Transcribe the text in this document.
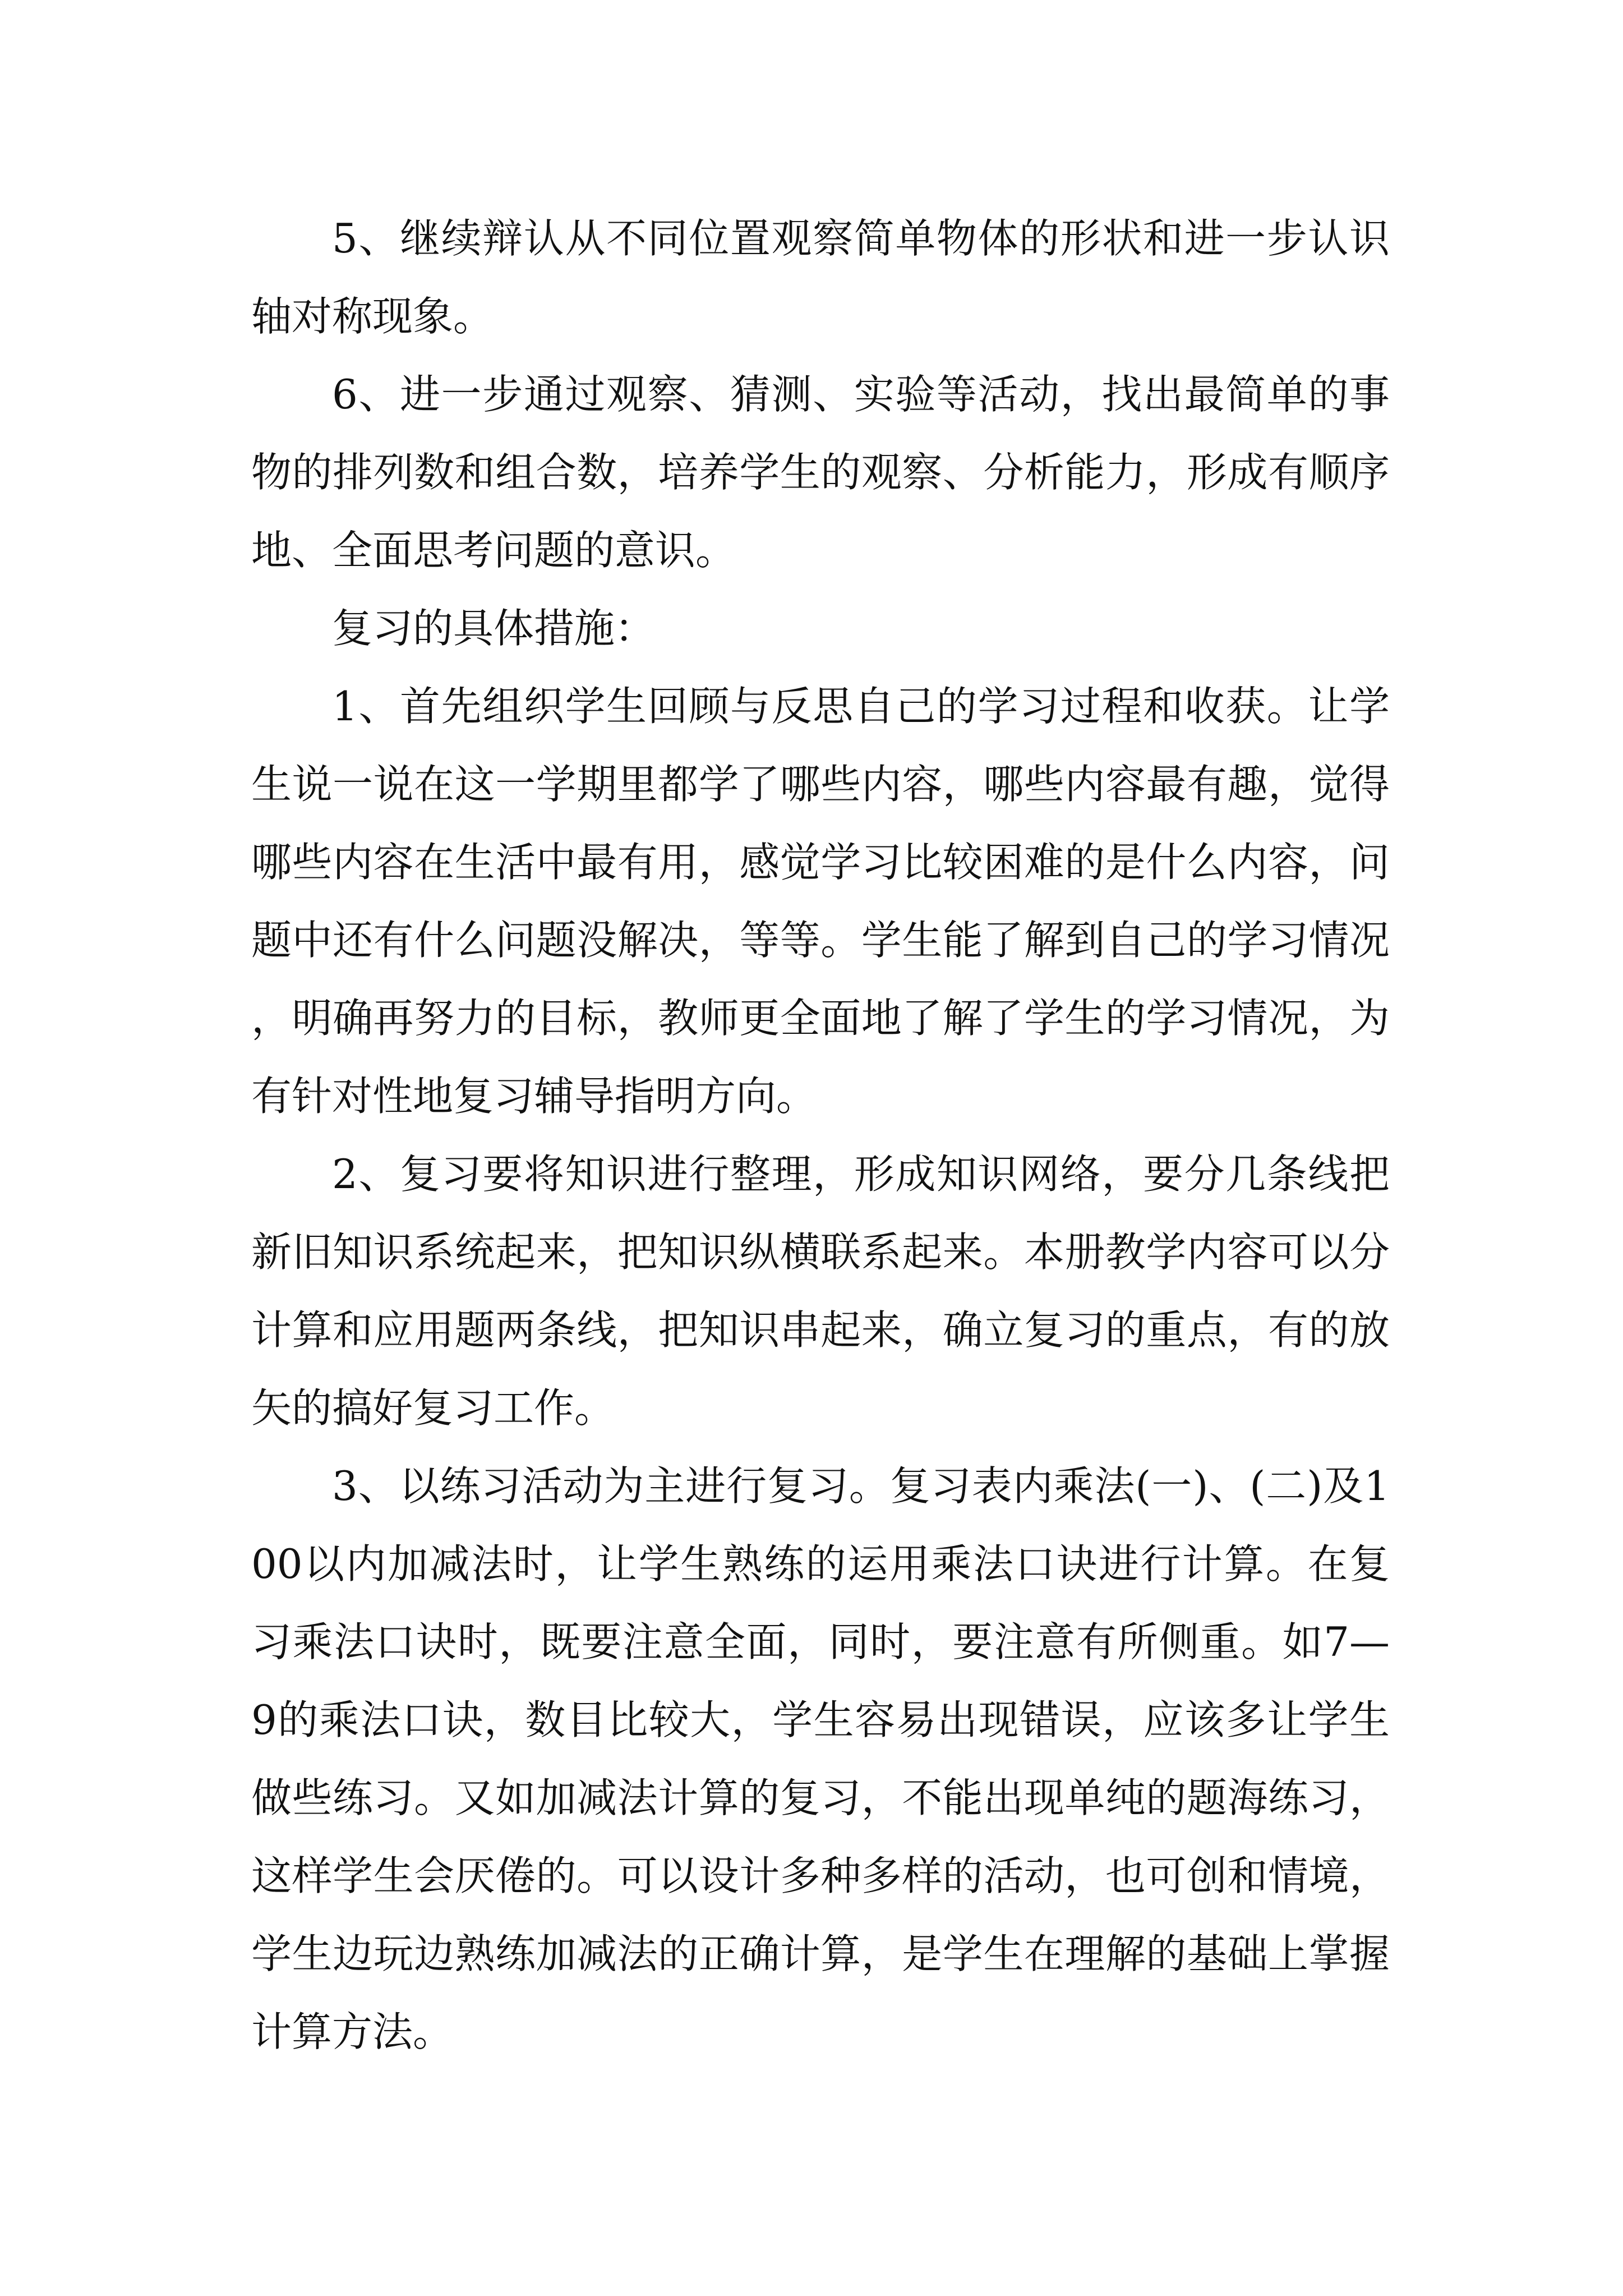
5、继续辩认从不同位置观察简单物体的形状和进一步认识轴对称现象。

6、进一步通过观察、猜测、实验等活动，找出最简单的事物的排列数和组合数，培养学生的观察、分析能力，形成有顺序地、全面思考问题的意识。

复习的具体措施：

1、首先组织学生回顾与反思自己的学习过程和收获。让学生说一说在这一学期里都学了哪些内容，哪些内容最有趣，觉得哪些内容在生活中最有用，感觉学习比较困难的是什么内容，问题中还有什么问题没解决，等等。学生能了解到自己的学习情况，明确再努力的目标，教师更全面地了解了学生的学习情况，为有针对性地复习辅导指明方向。

2、复习要将知识进行整理，形成知识网络，要分几条线把新旧知识系统起来，把知识纵横联系起来。本册教学内容可以分计算和应用题两条线，把知识串起来，确立复习的重点，有的放矢的搞好复习工作。

3、以练习活动为主进行复习。复习表内乘法(一)、(二)及100以内加减法时，让学生熟练的运用乘法口诀进行计算。在复习乘法口诀时，既要注意全面，同时，要注意有所侧重。如7—9的乘法口诀，数目比较大，学生容易出现错误，应该多让学生做些练习。又如加减法计算的复习，不能出现单纯的题海练习，这样学生会厌倦的。可以设计多种多样的活动，也可创和情境，学生边玩边熟练加减法的正确计算，是学生在理解的基础上掌握计算方法。
